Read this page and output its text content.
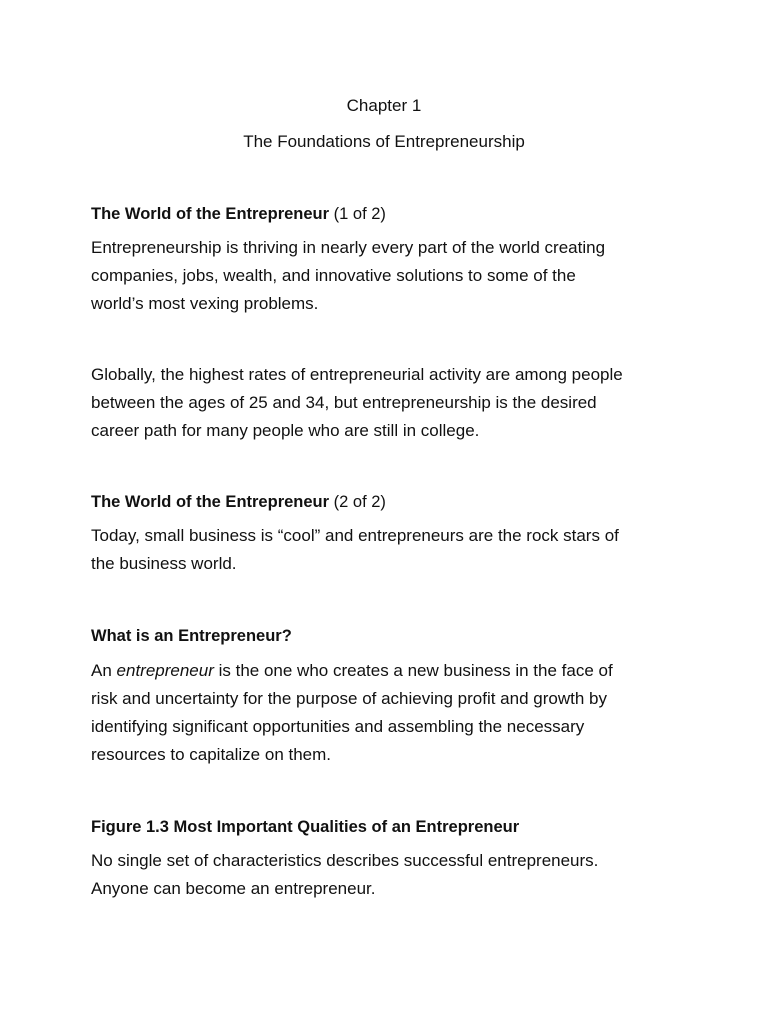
Chapter 1
The Foundations of Entrepreneurship
The World of the Entrepreneur (1 of 2)
Entrepreneurship is thriving in nearly every part of the world creating
companies, jobs, wealth, and innovative solutions to some of the
world’s most vexing problems.
Globally, the highest rates of entrepreneurial activity are among people
between the ages of 25 and 34, but entrepreneurship is the desired
career path for many people who are still in college.
The World of the Entrepreneur (2 of 2)
Today, small business is “cool” and entrepreneurs are the rock stars of
the business world.
What is an Entrepreneur?
An entrepreneur is the one who creates a new business in the face of
risk and uncertainty for the purpose of achieving profit and growth by
identifying significant opportunities and assembling the necessary
resources to capitalize on them.
Figure 1.3 Most Important Qualities of an Entrepreneur
No single set of characteristics describes successful entrepreneurs.
Anyone can become an entrepreneur.
